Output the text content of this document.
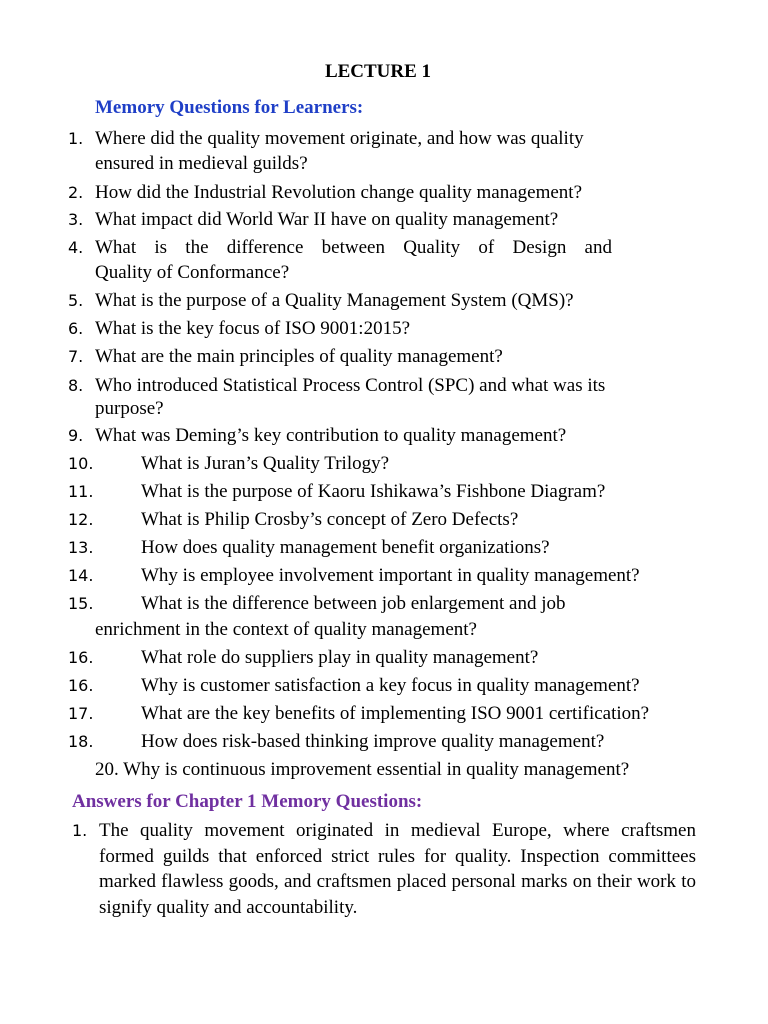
LECTURE 1
Memory Questions for Learners:
1. Where did the quality movement originate, and how was quality
ensured in medieval guilds?
2. How did the Industrial Revolution change quality management?
3. What impact did World War II have on quality management?
4. What is the difference between Quality of Design and
Quality of Conformance?
5. What is the purpose of a Quality Management System (QMS)?
6. What is the key focus of ISO 9001:2015?
7. What are the main principles of quality management?
8. Who introduced Statistical Process Control (SPC) and what was its
purpose?
9. What was Deming’s key contribution to quality management?
10.	What is Juran’s Quality Trilogy?
11.	What is the purpose of Kaoru Ishikawa’s Fishbone Diagram?
12.	What is Philip Crosby’s concept of Zero Defects?
13.	How does quality management benefit organizations?
14.	Why is employee involvement important in quality management?
15.	What is the difference between job enlargement and job
enrichment in the context of quality management?
16.	What role do suppliers play in quality management?
16.	Why is customer satisfaction a key focus in quality management?
17.	What are the key benefits of implementing ISO 9001 certification?
18.	How does risk-based thinking improve quality management?
20. Why is continuous improvement essential in quality management?
Answers for Chapter 1 Memory Questions:
1. The quality movement originated in medieval Europe, where craftsmen formed guilds that enforced strict rules for quality. Inspection committees marked flawless goods, and craftsmen placed personal marks on their work to signify quality and accountability.
